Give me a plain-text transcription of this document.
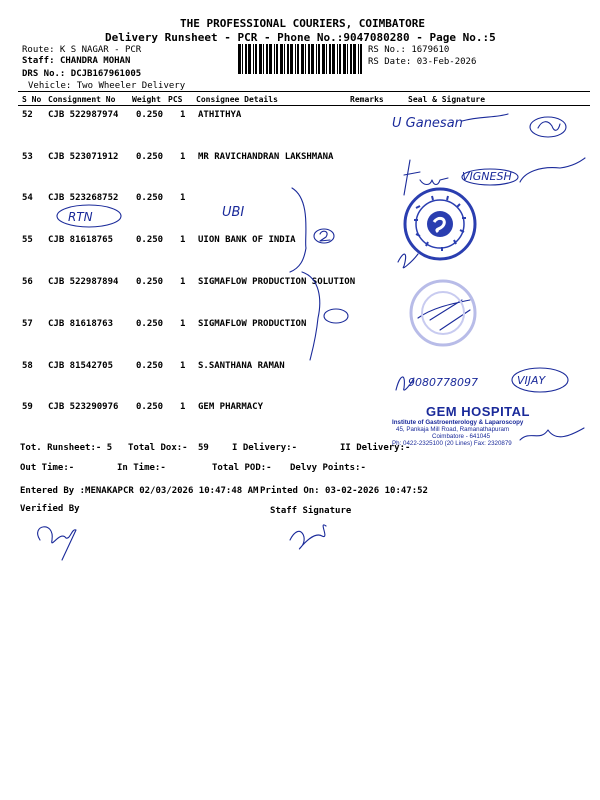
THE PROFESSIONAL COURIERS, COIMBATORE
Delivery Runsheet - PCR - Phone No.:9047080280 - Page No.:5
Route: K S NAGAR - PCR
Staff: CHANDRA MOHAN
DRS No.: DCJB167961005
Vehicle: Two Wheeler Delivery
RS No.: 1679610
RS Date: 03-Feb-2026
S No Consignment No Weight PCS Consignee Details	Remarks	Seal & Signature
52 CJB 522987974 0.250 1 ATHITHYA
53 CJB 523071912 0.250 1 MR RAVICHANDRAN LAKSHMANA
54 CJB 523268752 0.250 1
55 CJB 81618765	0.250 1 UION BANK OF INDIA
56 CJB 522987894 0.250 1 SIGMAFLOW PRODUCTION SOLUTION
57 CJB 81618763	0.250 1 SIGMAFLOW PRODUCTION
58 CJB 81542705	0.250 1 S.SANTHANA RAMAN
59 CJB 523290976 0.250 1 GEM PHARMACY
U Ganesan
VIGNESH
RTN	UBI
9080778097	VIJAY
GEM HOSPITAL
Institute of Gastroenterology & Laparoscopy
45, Pankaja Mill Road, Ramanathapuram
Coimbatore - 641045
Ph: 0422-2325100 (20 Lines) Fax: 2320879
Tot. Runsheet:- 5 Total Dox:- 59	I Delivery:-	II Delivery:-
Out Time:-	In Time:-	Total POD:- Delvy Points:-
Entered By :MENAKAPCR 02/03/2026 10:47:48 AM Printed On: 03-02-2026 10:47:52
Verified By	Staff Signature
